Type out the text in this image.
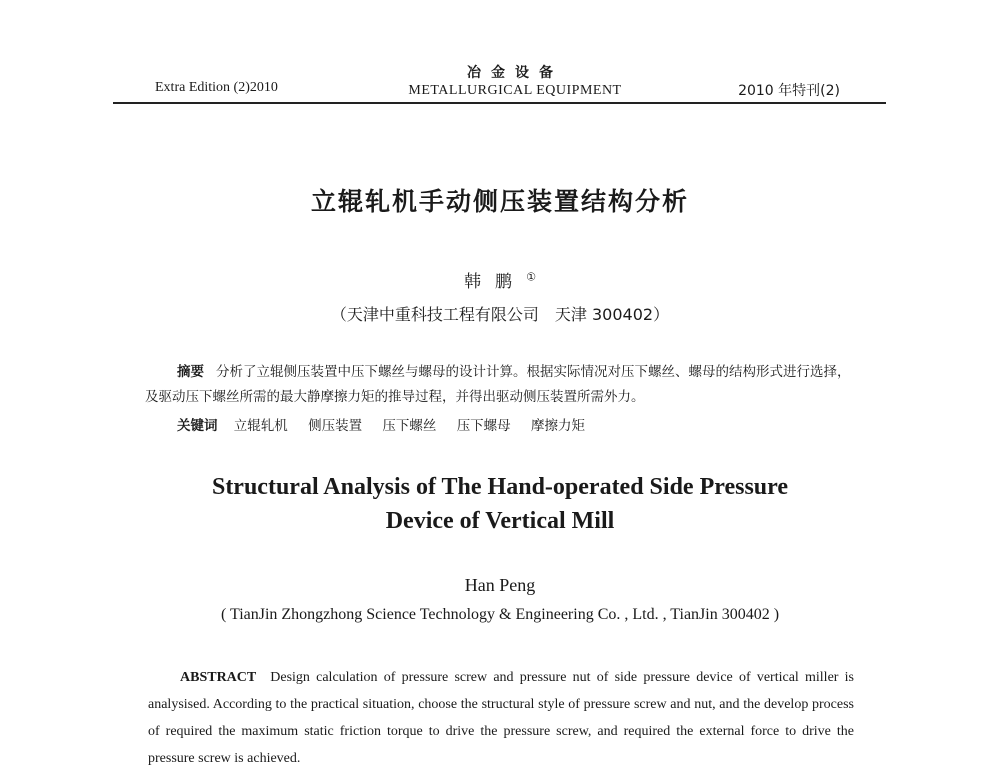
Extra Edition (2)2010
冶金设备
METALLURGICAL EQUIPMENT	2010 年特刊(2)
立辊轧机手动侧压装置结构分析
韩鹏①
（天津中重科技工程有限公司　天津 300402）
摘要 分析了立辊侧压装置中压下螺丝与螺母的设计计算。根据实际情况对压下螺丝、螺母的结构形式进行选择，及驱动压下螺丝所需的最大静摩擦力矩的推导过程，并得出驱动侧压装置所需外力。
关键词 立辊轧机 侧压装置 压下螺丝 压下螺母 摩擦力矩
Structural Analysis of The Hand-operated Side Pressure
Device of Vertical Mill
Han Peng
( TianJin Zhongzhong Science Technology & Engineering Co. , Ltd. , TianJin 300402 )
ABSTRACT Design calculation of pressure screw and pressure nut of side pressure device of vertical miller is analysised. According to the practical situation, choose the structural style of pressure screw and nut, and the develop process of required the maximum static friction torque to drive the pressure screw, and required the external force to drive the pressure screw is achieved.
